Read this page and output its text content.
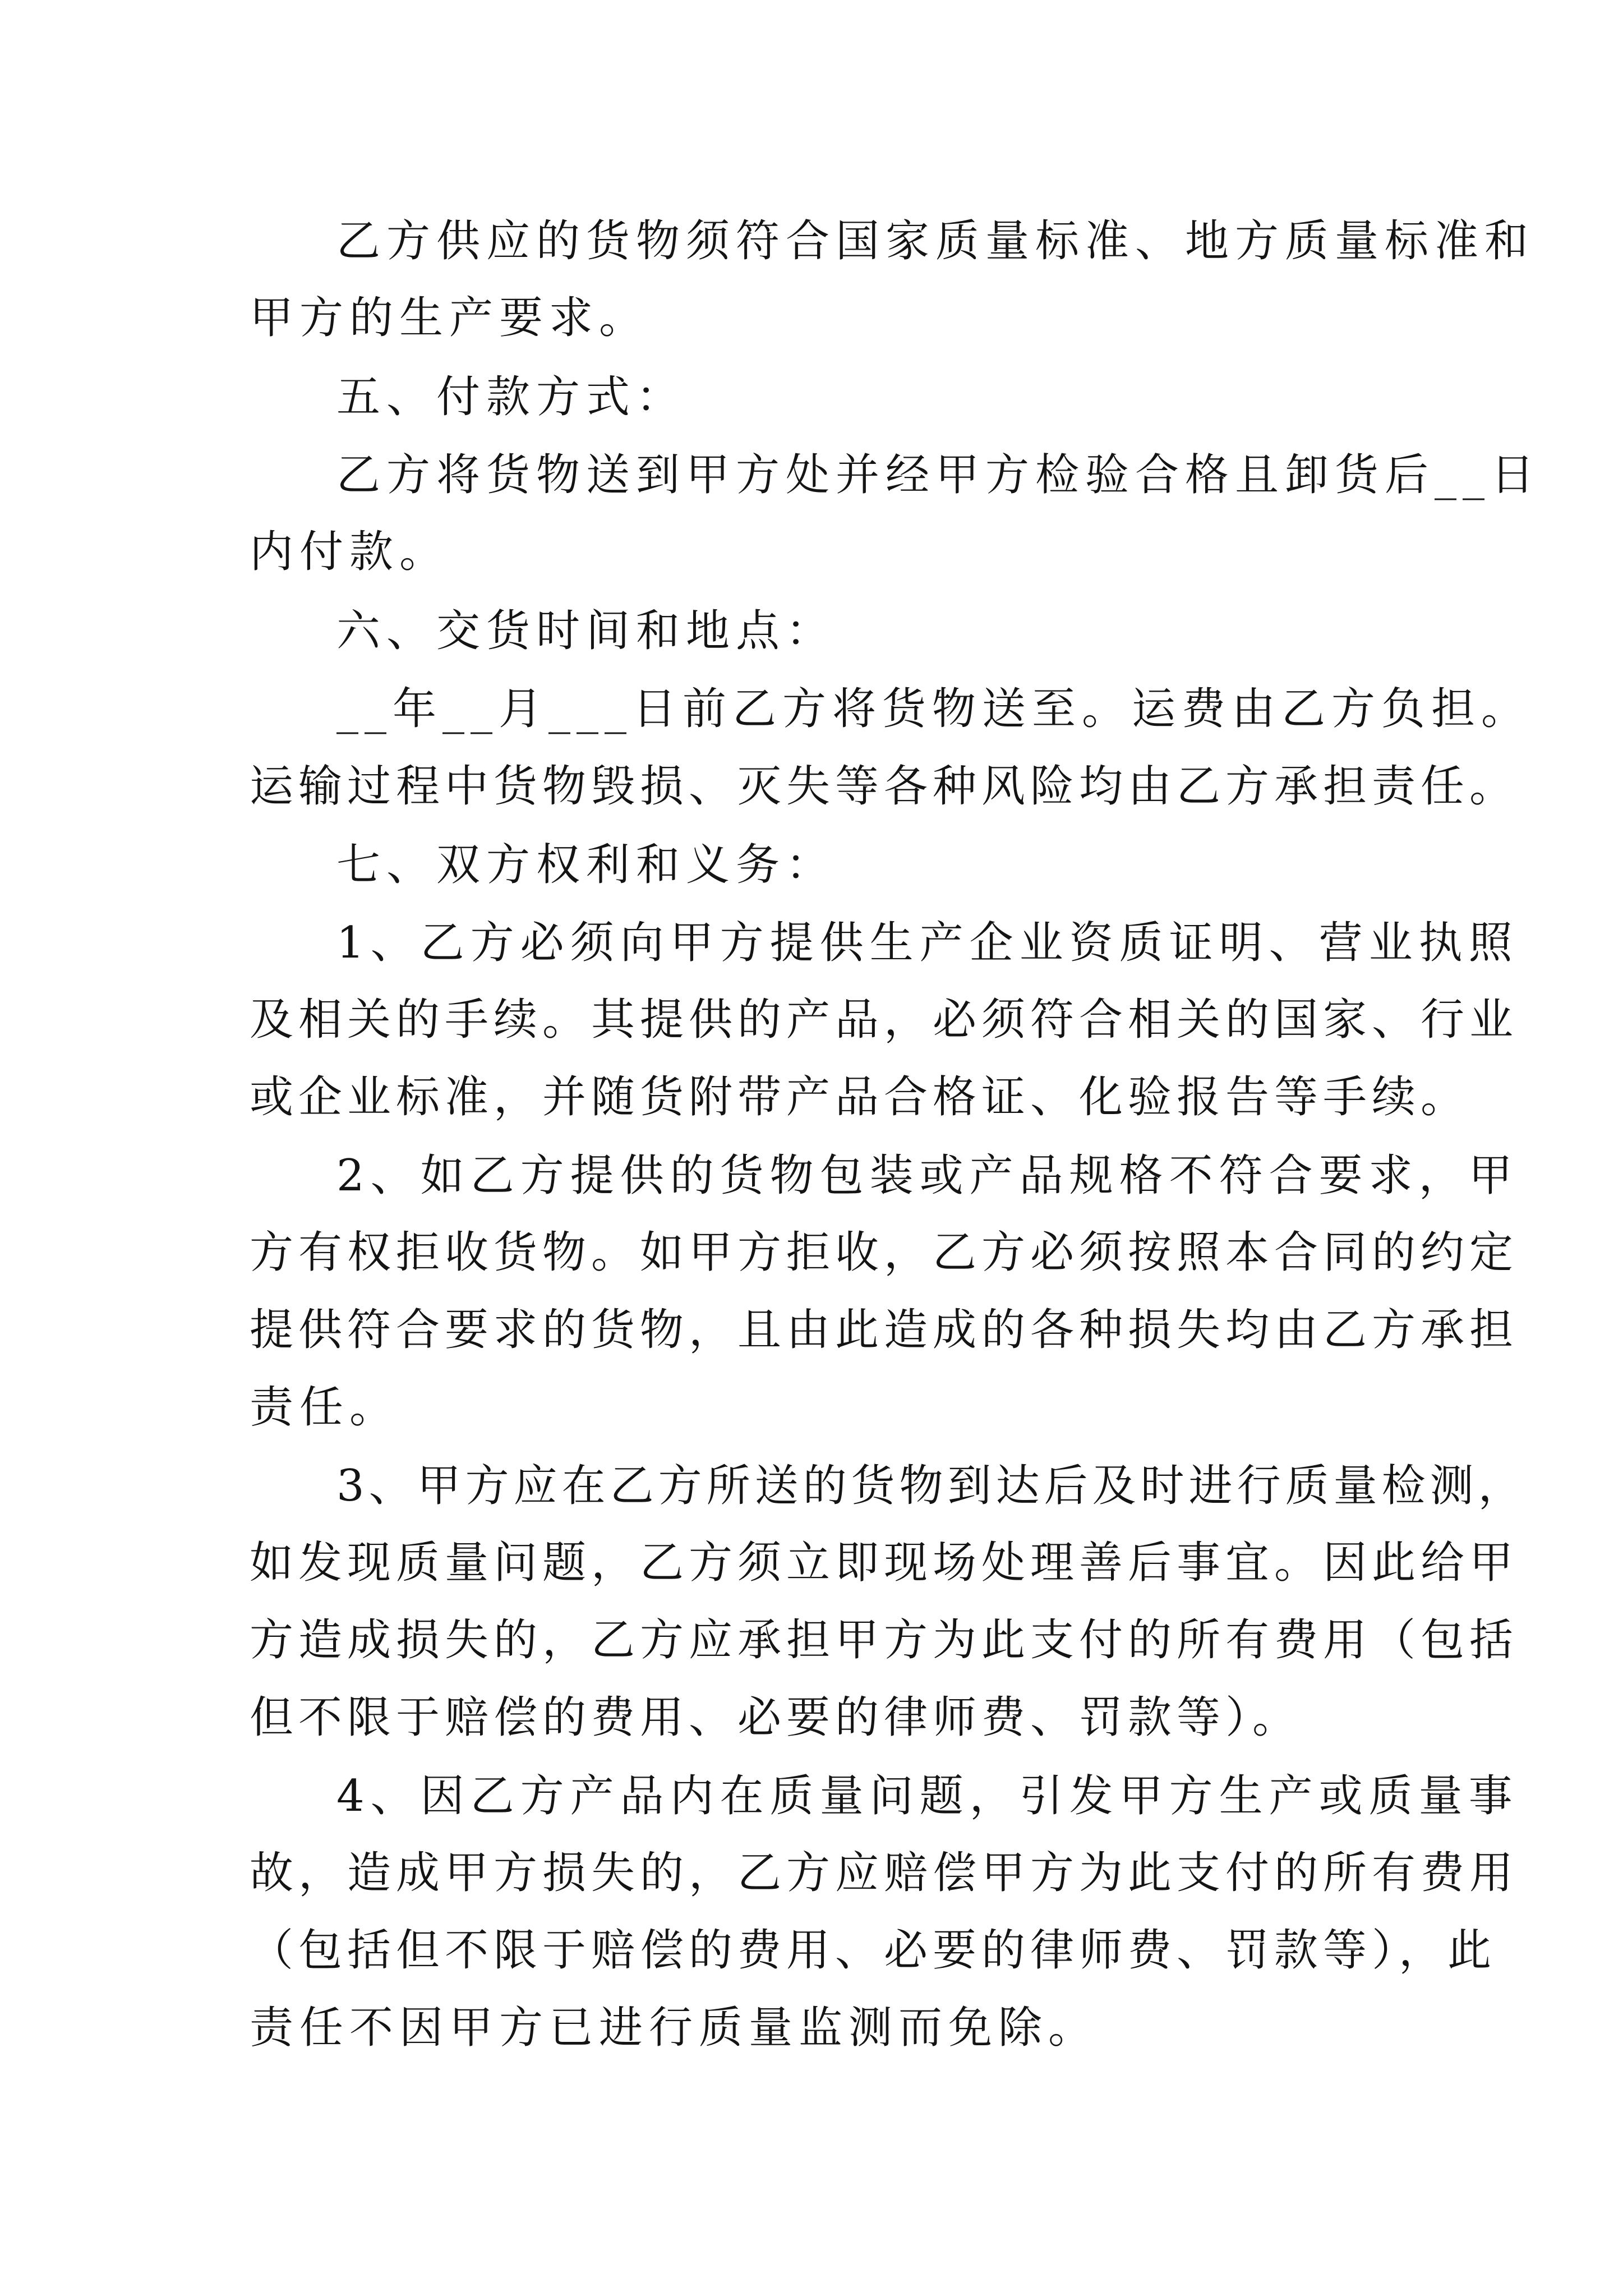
乙方供应的货物须符合国家质量标准、地方质量标准和
甲方的生产要求。
五、付款方式：
乙方将货物送到甲方处并经甲方检验合格且卸货后__日
内付款。
六、交货时间和地点：
__年__月___日前乙方将货物送至。运费由乙方负担。
运输过程中货物毁损、灭失等各种风险均由乙方承担责任。
七、双方权利和义务：
1、乙方必须向甲方提供生产企业资质证明、营业执照
及相关的手续。其提供的产品，必须符合相关的国家、行业
或企业标准，并随货附带产品合格证、化验报告等手续。
2、如乙方提供的货物包装或产品规格不符合要求，甲
方有权拒收货物。如甲方拒收，乙方必须按照本合同的约定
提供符合要求的货物，且由此造成的各种损失均由乙方承担
责任。
3、甲方应在乙方所送的货物到达后及时进行质量检测，
如发现质量问题，乙方须立即现场处理善后事宜。因此给甲
方造成损失的，乙方应承担甲方为此支付的所有费用（包括
但不限于赔偿的费用、必要的律师费、罚款等）。
4、因乙方产品内在质量问题，引发甲方生产或质量事
故，造成甲方损失的，乙方应赔偿甲方为此支付的所有费用
（包括但不限于赔偿的费用、必要的律师费、罚款等），此
责任不因甲方已进行质量监测而免除。
